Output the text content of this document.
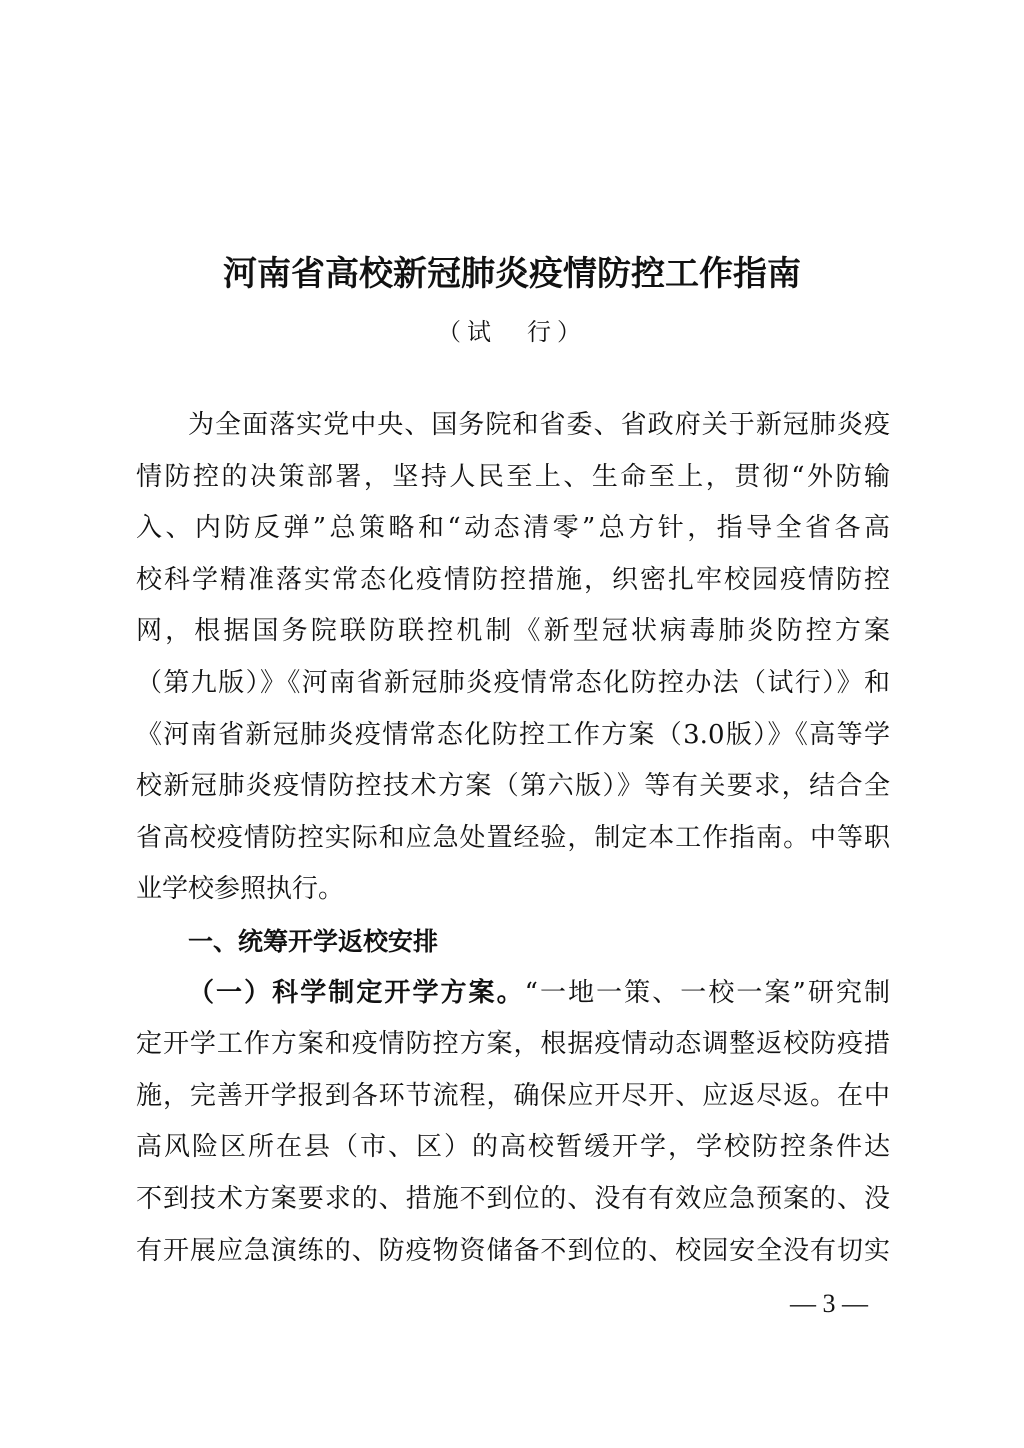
河南省高校新冠肺炎疫情防控工作指南
（试　行）
为全面落实党中央、国务院和省委、省政府关于新冠肺炎疫
情防控的决策部署，坚持人民至上、生命至上，贯彻“外防输
入、内防反弹”总策略和“动态清零”总方针，指导全省各高
校科学精准落实常态化疫情防控措施，织密扎牢校园疫情防控
网，根据国务院联防联控机制《新型冠状病毒肺炎防控方案
（第九版）》《河南省新冠肺炎疫情常态化防控办法（试行）》和
《河南省新冠肺炎疫情常态化防控工作方案（3.0版）》《高等学
校新冠肺炎疫情防控技术方案（第六版）》等有关要求，结合全
省高校疫情防控实际和应急处置经验，制定本工作指南。中等职
业学校参照执行。
一、统筹开学返校安排
（一）科学制定开学方案。“一地一策、一校一案”研究制
定开学工作方案和疫情防控方案，根据疫情动态调整返校防疫措
施，完善开学报到各环节流程，确保应开尽开、应返尽返。在中
高风险区所在县（市、区）的高校暂缓开学，学校防控条件达
不到技术方案要求的、措施不到位的、没有有效应急预案的、没
有开展应急演练的、防疫物资储备不到位的、校园安全没有切实
— 3 —
